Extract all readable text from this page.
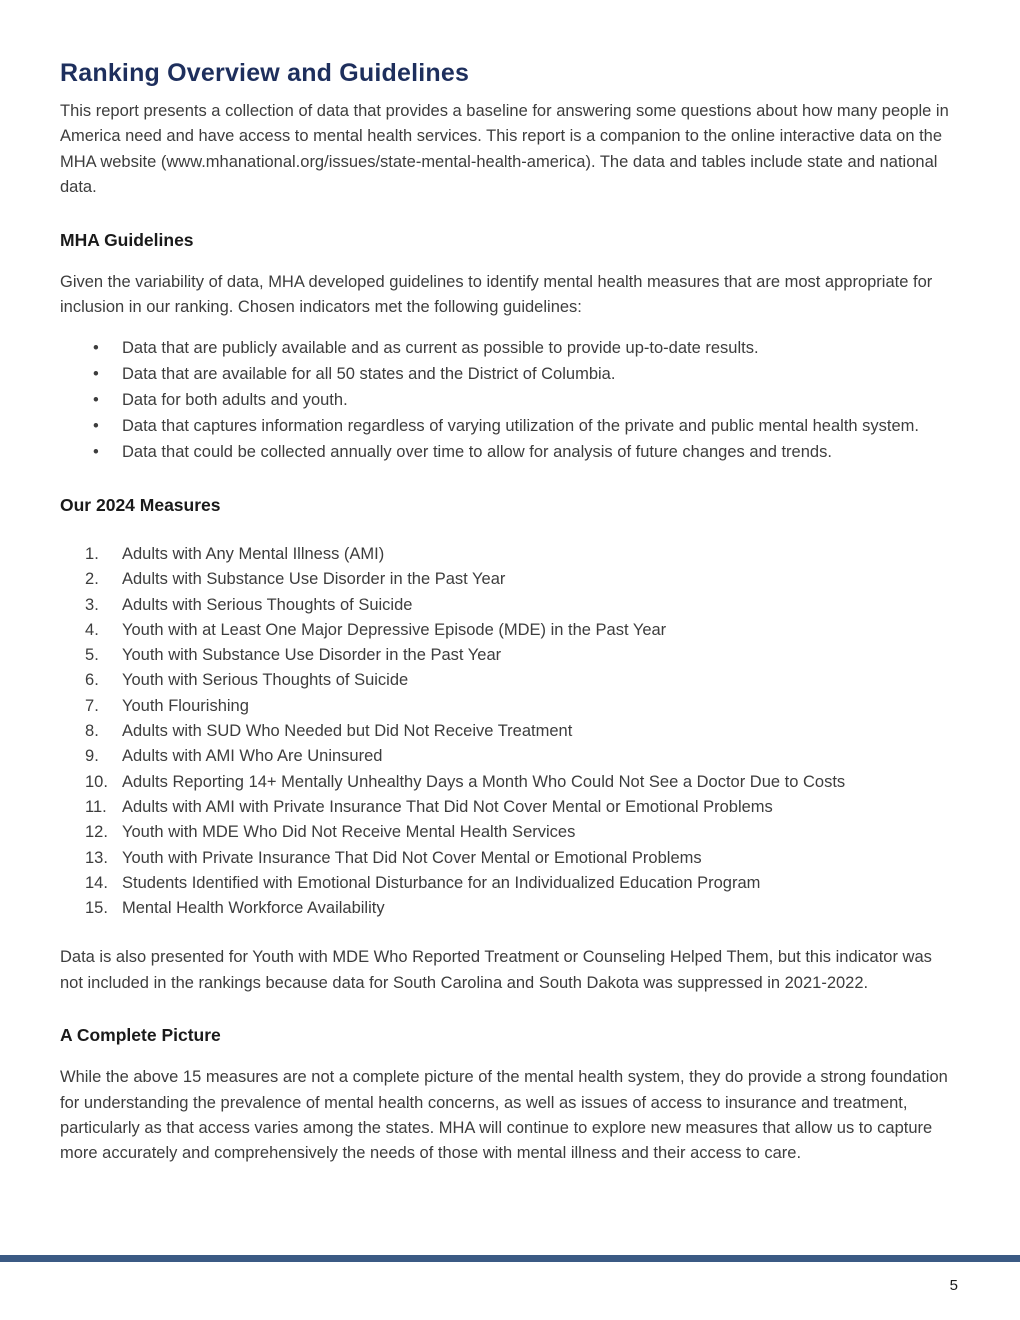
Ranking Overview and Guidelines

This report presents a collection of data that provides a baseline for answering some questions about how many people in America need and have access to mental health services. This report is a companion to the online interactive data on the MHA website (www.mhanational.org/issues/state-mental-health-america). The data and tables include state and national data.

MHA Guidelines

Given the variability of data, MHA developed guidelines to identify mental health measures that are most appropriate for inclusion in our ranking. Chosen indicators met the following guidelines:

• Data that are publicly available and as current as possible to provide up-to-date results.
• Data that are available for all 50 states and the District of Columbia.
• Data for both adults and youth.
• Data that captures information regardless of varying utilization of the private and public mental health system.
• Data that could be collected annually over time to allow for analysis of future changes and trends.
Our 2024 Measures
Adults with Any Mental Illness (AMI)
Adults with Substance Use Disorder in the Past Year
Adults with Serious Thoughts of Suicide
Youth with at Least One Major Depressive Episode (MDE) in the Past Year
Youth with Substance Use Disorder in the Past Year
Youth with Serious Thoughts of Suicide
Youth Flourishing
Adults with SUD Who Needed but Did Not Receive Treatment
Adults with AMI Who Are Uninsured
Adults Reporting 14+ Mentally Unhealthy Days a Month Who Could Not See a Doctor Due to Costs
Adults with AMI with Private Insurance That Did Not Cover Mental or Emotional Problems
Youth with MDE Who Did Not Receive Mental Health Services
Youth with Private Insurance That Did Not Cover Mental or Emotional Problems
Students Identified with Emotional Disturbance for an Individualized Education Program
Mental Health Workforce Availability

Data is also presented for Youth with MDE Who Reported Treatment or Counseling Helped Them, but this indicator was not included in the rankings because data for South Carolina and South Dakota was suppressed in 2021-2022.

A Complete Picture

While the above 15 measures are not a complete picture of the mental health system, they do provide a strong foundation for understanding the prevalence of mental health concerns, as well as issues of access to insurance and treatment, particularly as that access varies among the states. MHA will continue to explore new measures that allow us to capture more accurately and comprehensively the needs of those with mental illness and their access to care.

5
